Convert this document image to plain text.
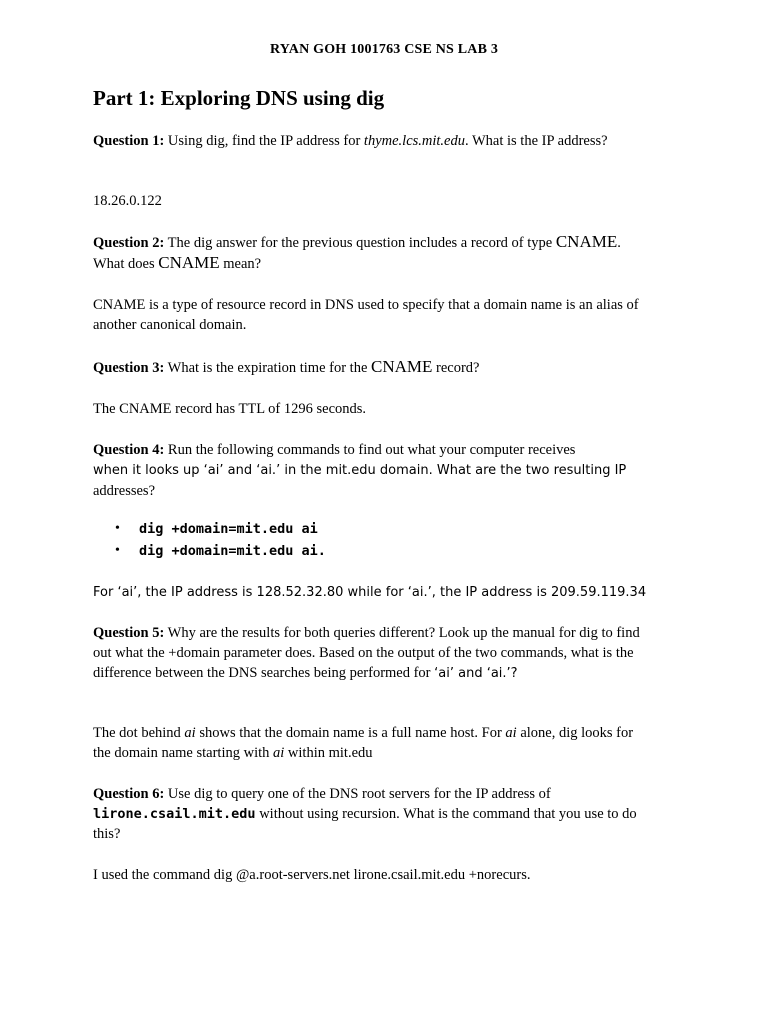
RYAN GOH 1001763 CSE NS LAB 3
Part 1: Exploring DNS using dig

Question 1: Using dig, find the IP address for thyme.lcs.mit.edu. What is the IP address?

18.26.0.122

Question 2: The dig answer for the previous question includes a record of type CNAME. What does CNAME mean?

CNAME is a type of resource record in DNS used to specify that a domain name is an alias of another canonical domain.

Question 3: What is the expiration time for the CNAME record?

The CNAME record has TTL of 1296 seconds.

Question 4: Run the following commands to find out what your computer receives
when it looks up ‘ai’ and ‘ai.’ in the mit.edu domain. What are the two resulting IP
addresses?

• dig +domain=mit.edu ai
• dig +domain=mit.edu ai.

For ‘ai’, the IP address is 128.52.32.80 while for ‘ai.’, the IP address is 209.59.119.34

Question 5: Why are the results for both queries different? Look up the manual for dig to find out what the +domain parameter does. Based on the output of the two commands, what is the difference between the DNS searches being performed for ‘ai’ and ‘ai.’?

The dot behind ai shows that the domain name is a full name host. For ai alone, dig looks for the domain name starting with ai within mit.edu

Question 6: Use dig to query one of the DNS root servers for the IP address of
lirone.csail.mit.edu without using recursion. What is the command that you use to do this?

I used the command dig @a.root-servers.net lirone.csail.mit.edu +norecurs.
